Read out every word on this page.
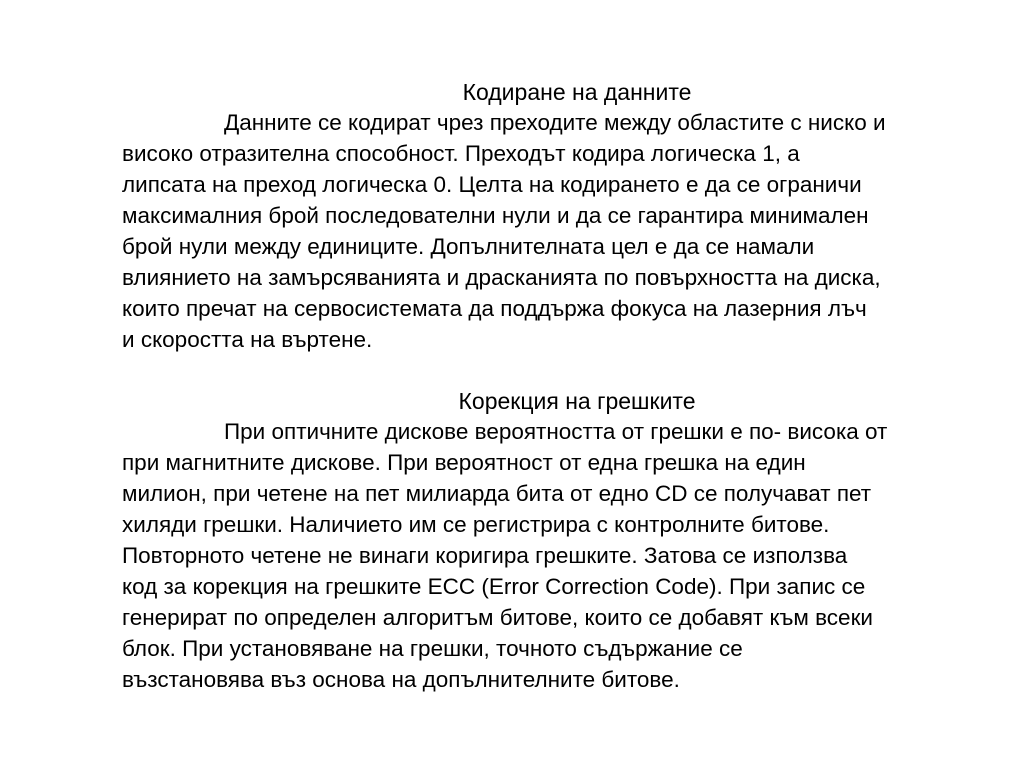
Кодиране на данните
Данните се кодират чрез преходите между областите с ниско и
високо отразителна способност. Преходът кодира логическа 1, а
липсата на преход логическа 0. Целта на кодирането е да се ограничи
максималния брой последователни нули и да се гарантира минимален
брой нули между единиците. Допълнителната цел е да се намали
влиянието на замърсяванията и драсканията по повърхността на диска,
които пречат на сервосистемата да поддържа фокуса на лазерния лъч
и скоростта на въртене.
Корекция на грешките
При оптичните дискове вероятността от грешки е по- висока от
при магнитните дискове. При вероятност от една грешка на един
милион, при четене на пет милиарда бита от едно CD се получават пет
хиляди грешки. Наличието им се регистрира с контролните битове.
Повторното четене не винаги коригира грешките. Затова се използва
код за корекция на грешките ECC (Error Correction Code). При запис се
генерират по определен алгоритъм битове, които се добавят към всеки
блок. При установяване на грешки, точното съдържание се
възстановява въз основа на допълнителните битове.
